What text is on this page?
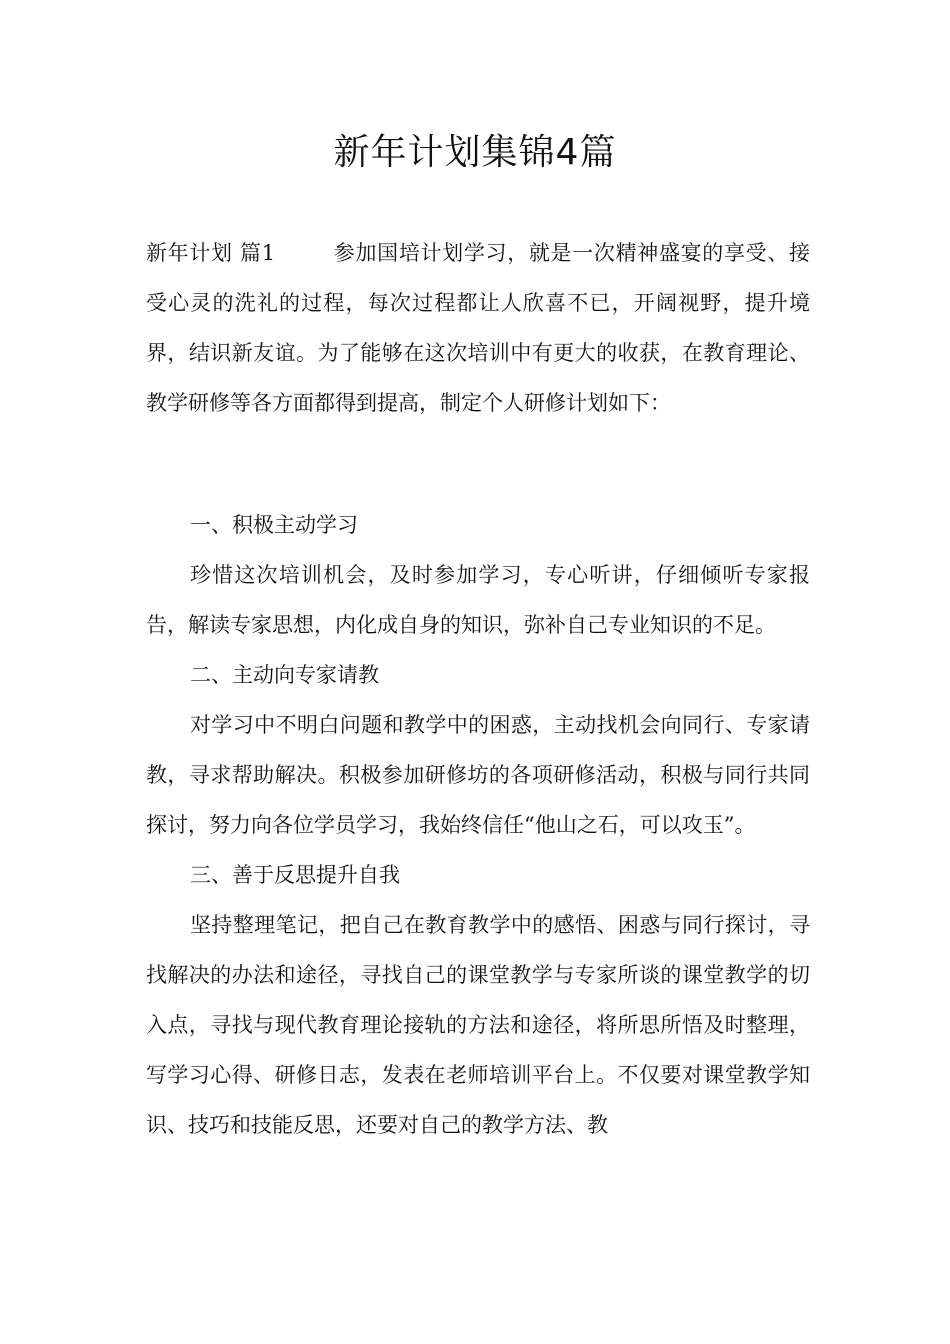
新年计划集锦4篇

新年计划 篇1	参加国培计划学习，就是一次精神盛宴的享受、接受心灵的洗礼的过程，每次过程都让人欣喜不已，开阔视野，提升境界，结识新友谊。为了能够在这次培训中有更大的收获，在教育理论、教学研修等各方面都得到提高，制定个人研修计划如下：

一、积极主动学习

珍惜这次培训机会，及时参加学习，专心听讲，仔细倾听专家报告，解读专家思想，内化成自身的知识，弥补自己专业知识的不足。

二、主动向专家请教

对学习中不明白问题和教学中的困惑，主动找机会向同行、专家请教，寻求帮助解决。积极参加研修坊的各项研修活动，积极与同行共同探讨，努力向各位学员学习，我始终信任“他山之石，可以攻玉”。

三、善于反思提升自我

坚持整理笔记，把自己在教育教学中的感悟、困惑与同行探讨，寻找解决的办法和途径，寻找自己的课堂教学与专家所谈的课堂教学的切入点，寻找与现代教育理论接轨的方法和途径，将所思所悟及时整理，写学习心得、研修日志，发表在老师培训平台上。不仅要对课堂教学知识、技巧和技能反思，还要对自己的教学方法、教
